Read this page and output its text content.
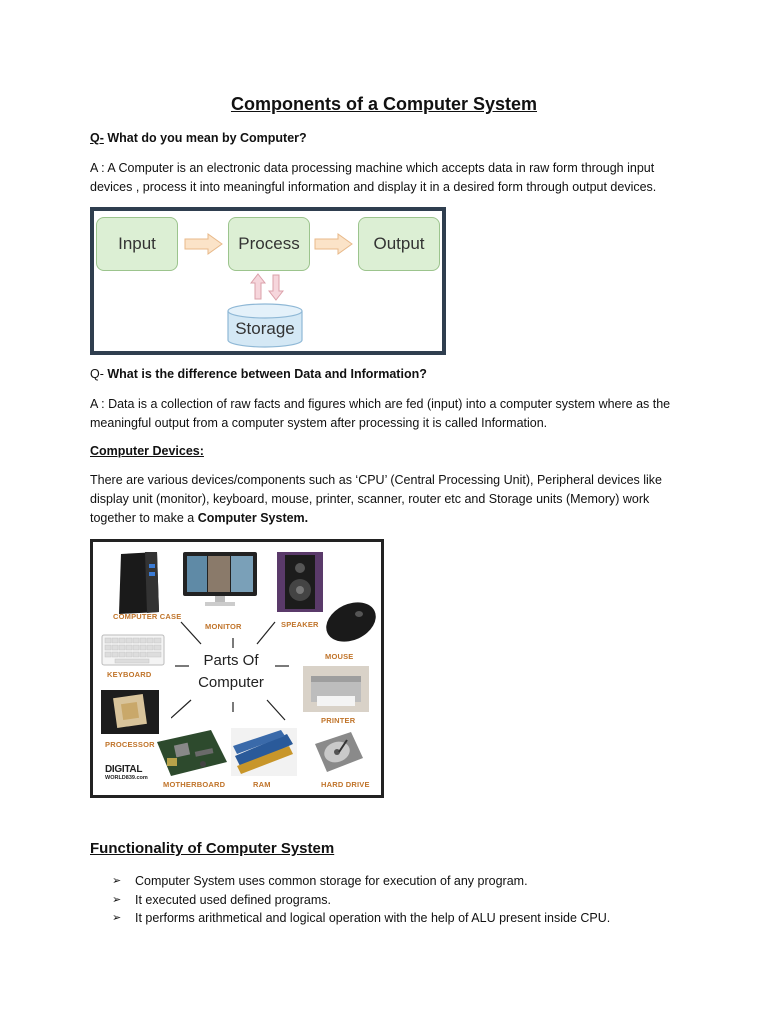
Components of a Computer System
Q- What do you mean by Computer?
A : A Computer is an electronic data processing machine which accepts data in raw form through input devices , process it into meaningful information and display it in a desired form through output devices.
Input	Process	Output
Storage
Q- What is the difference between Data and Information?
A : Data is a collection of raw facts and figures which are fed (input) into a computer system where as the meaningful output from a computer system after processing it is called Information.
Computer Devices:
There are various devices/components such as ‘CPU’ (Central Processing Unit), Peripheral devices like display unit (monitor), keyboard, mouse, printer, scanner, router etc and Storage units (Memory) work together to make a Computer System.
COMPUTER CASE
MONITOR	SPEAKER
MOUSE
KEYBOARD
Parts Of
Computer
PRINTER
PROCESSOR
MOTHERBOARD	RAM	HARD DRIVE
DIGITAL
WORLD839.com
Functionality of Computer System
➢ Computer System uses common storage for execution of any program.
➢ It executed used defined programs.
➢ It performs arithmetical and logical operation with the help of ALU present inside CPU.
